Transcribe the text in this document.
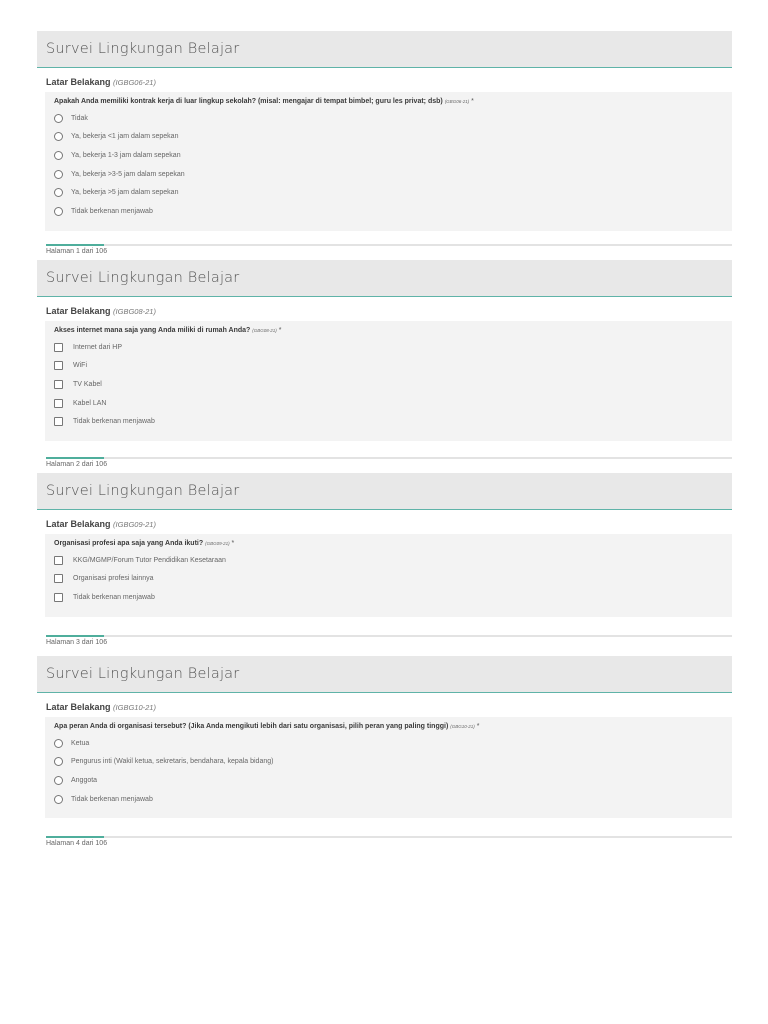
Survei Lingkungan Belajar
Latar Belakang (IGBG06-21)
Apakah Anda memiliki kontrak kerja di luar lingkup sekolah? (misal: mengajar di tempat bimbel; guru les privat; dsb) (GBG06-21) *
Tidak
Ya, bekerja <1 jam dalam sepekan
Ya, bekerja 1-3 jam dalam sepekan
Ya, bekerja >3-5 jam dalam sepekan
Ya, bekerja >5 jam dalam sepekan
Tidak berkenan menjawab
Halaman 1 dari 106
Survei Lingkungan Belajar
Latar Belakang (IGBG08-21)
Akses internet mana saja yang Anda miliki di rumah Anda? (GBG08-21) *
Internet dari HP
WiFi
TV Kabel
Kabel LAN
Tidak berkenan menjawab
Halaman 2 dari 106
Survei Lingkungan Belajar
Latar Belakang (IGBG09-21)
Organisasi profesi apa saja yang Anda ikuti? (GBG09-21) *
KKG/MGMP/Forum Tutor Pendidikan Kesetaraan
Organisasi profesi lainnya
Tidak berkenan menjawab
Halaman 3 dari 106
Survei Lingkungan Belajar
Latar Belakang (IGBG10-21)
Apa peran Anda di organisasi tersebut? (Jika Anda mengikuti lebih dari satu organisasi, pilih peran yang paling tinggi) (GBG10-21) *
Ketua
Pengurus inti (Wakil ketua, sekretaris, bendahara, kepala bidang)
Anggota
Tidak berkenan menjawab
Halaman 4 dari 106
